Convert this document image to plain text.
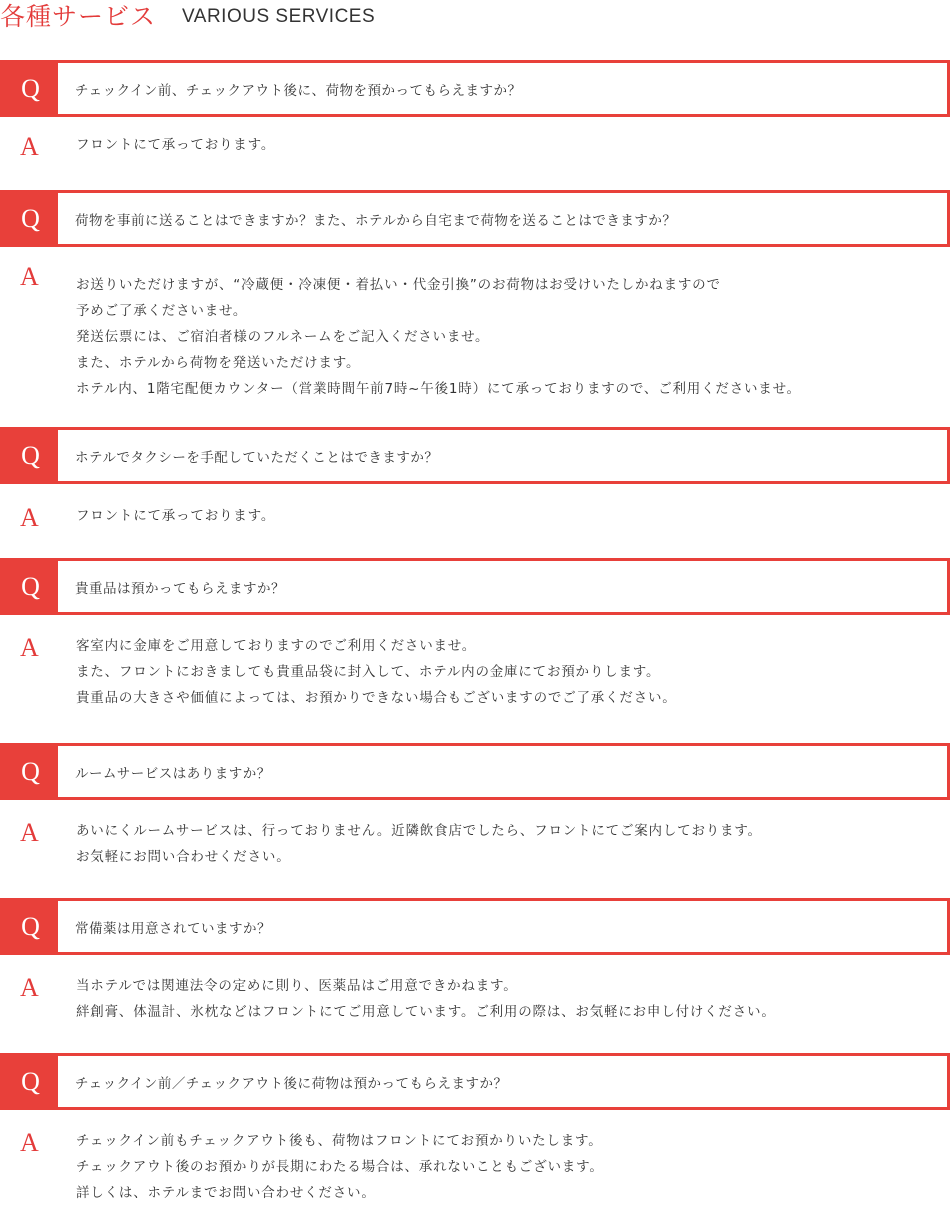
各種サービス VARIOUS SERVICES
Q	チェックイン前、チェックアウト後に、荷物を預かってもらえますか？
A	フロントにて承っております。
Q	荷物を事前に送ることはできますか？また、ホテルから自宅まで荷物を送ることはできますか？
A	お送りいただけますが、“冷蔵便・冷凍便・着払い・代金引換”のお荷物はお受けいたしかねますので
予めご了承くださいませ。
発送伝票には、ご宿泊者様のフルネームをご記入くださいませ。
また、ホテルから荷物を発送いただけます。
ホテル内、1階宅配便カウンター（営業時間午前7時~午後1時）にて承っておりますので、ご利用くださいませ。
Q	ホテルでタクシーを手配していただくことはできますか？
A	フロントにて承っております。
Q	貴重品は預かってもらえますか？
A	客室内に金庫をご用意しておりますのでご利用くださいませ。
また、フロントにおきましても貴重品袋に封入して、ホテル内の金庫にてお預かりします。
貴重品の大きさや価値によっては、お預かりできない場合もございますのでご了承ください。
Q	ルームサービスはありますか？
A	あいにくルームサービスは、行っておりません。近隣飲食店でしたら、フロントにてご案内しております。
お気軽にお問い合わせください。
Q	常備薬は用意されていますか？
A	当ホテルでは関連法令の定めに則り、医薬品はご用意できかねます。
絆創膏、体温計、氷枕などはフロントにてご用意しています。ご利用の際は、お気軽にお申し付けください。
Q	チェックイン前／チェックアウト後に荷物は預かってもらえますか？
A	チェックイン前もチェックアウト後も、荷物はフロントにてお預かりいたします。
チェックアウト後のお預かりが長期にわたる場合は、承れないこともございます。
詳しくは、ホテルまでお問い合わせください。
